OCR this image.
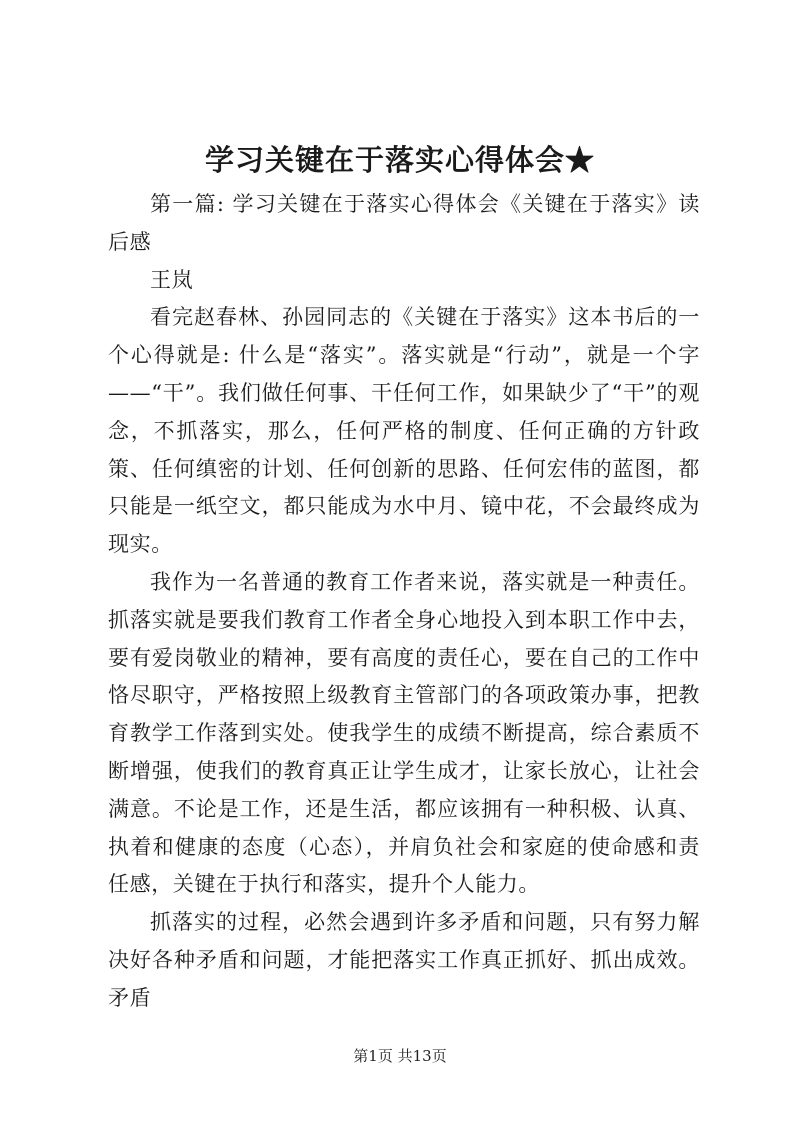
学习关键在于落实心得体会★

第一篇: 学习关键在于落实心得体会《关键在于落实》读后感

王岚

看完赵春林、孙园同志的《关键在于落实》这本书后的一个心得就是: 什么是“落实”。落实就是“行动”，就是一个字——“干”。我们做任何事、干任何工作，如果缺少了“干”的观念，不抓落实，那么，任何严格的制度、任何正确的方针政策、任何缜密的计划、任何创新的思路、任何宏伟的蓝图，都只能是一纸空文，都只能成为水中月、镜中花，不会最终成为现实。

我作为一名普通的教育工作者来说，落实就是一种责任。抓落实就是要我们教育工作者全身心地投入到本职工作中去，要有爱岗敬业的精神，要有高度的责任心，要在自己的工作中恪尽职守，严格按照上级教育主管部门的各项政策办事，把教育教学工作落到实处。使我学生的成绩不断提高，综合素质不断增强，使我们的教育真正让学生成才，让家长放心，让社会满意。不论是工作，还是生活，都应该拥有一种积极、认真、执着和健康的态度（心态），并肩负社会和家庭的使命感和责任感，关键在于执行和落实，提升个人能力。

抓落实的过程，必然会遇到许多矛盾和问题，只有努力解决好各种矛盾和问题，才能把落实工作真正抓好、抓出成效。矛盾

第1页 共13页
